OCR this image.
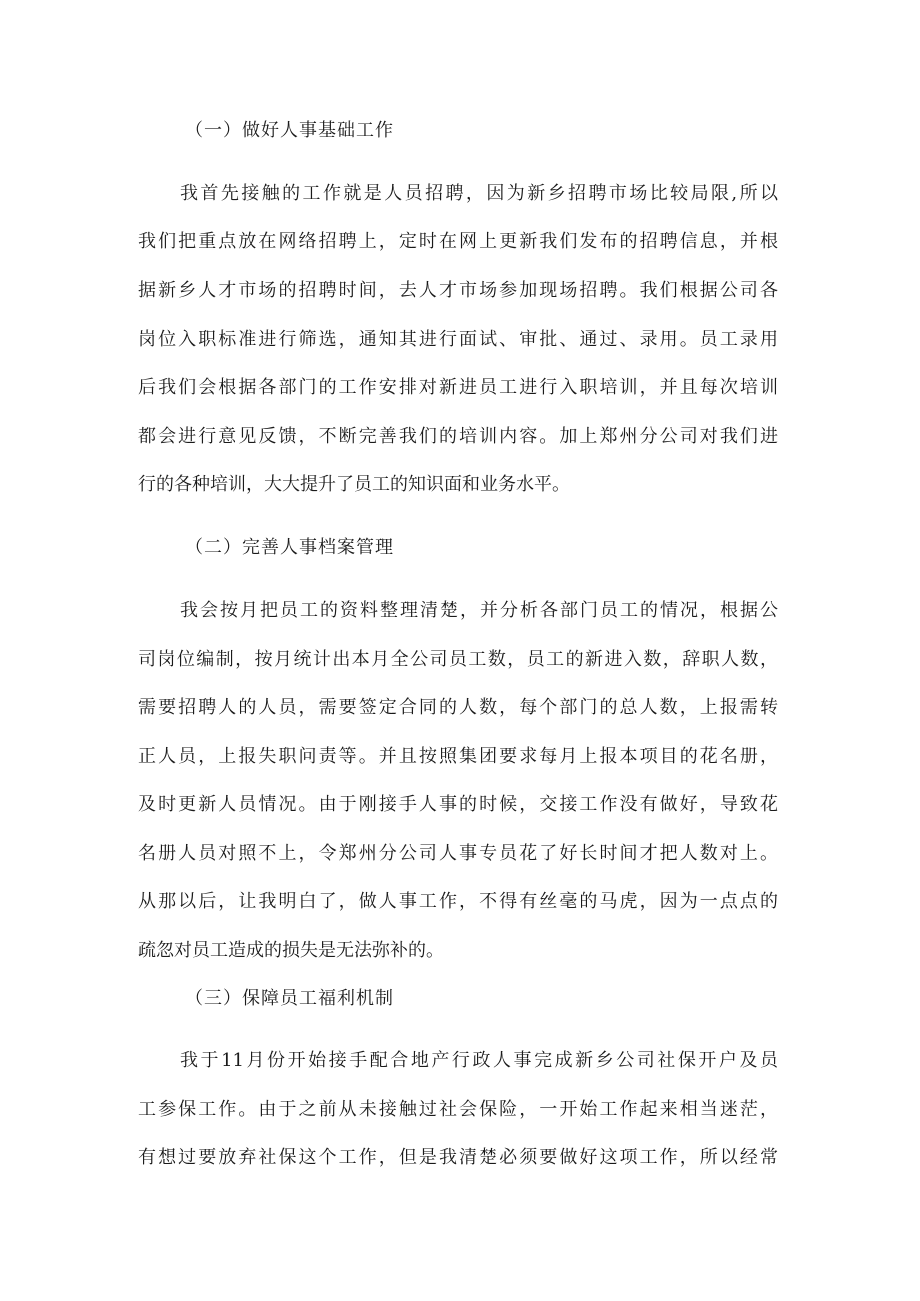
（一）做好人事基础工作
我首先接触的工作就是人员招聘，因为新乡招聘市场比较局限,所以
我们把重点放在网络招聘上，定时在网上更新我们发布的招聘信息，并根
据新乡人才市场的招聘时间，去人才市场参加现场招聘。我们根据公司各
岗位入职标准进行筛选，通知其进行面试、审批、通过、录用。员工录用
后我们会根据各部门的工作安排对新进员工进行入职培训，并且每次培训
都会进行意见反馈，不断完善我们的培训内容。加上郑州分公司对我们进
行的各种培训，大大提升了员工的知识面和业务水平。
（二）完善人事档案管理
我会按月把员工的资料整理清楚，并分析各部门员工的情况，根据公
司岗位编制，按月统计出本月全公司员工数，员工的新进入数，辞职人数，
需要招聘人的人员，需要签定合同的人数，每个部门的总人数，上报需转
正人员，上报失职问责等。并且按照集团要求每月上报本项目的花名册，
及时更新人员情况。由于刚接手人事的时候，交接工作没有做好，导致花
名册人员对照不上，令郑州分公司人事专员花了好长时间才把人数对上。
从那以后，让我明白了，做人事工作，不得有丝毫的马虎，因为一点点的
疏忽对员工造成的损失是无法弥补的。
（三）保障员工福利机制
我于11月份开始接手配合地产行政人事完成新乡公司社保开户及员
工参保工作。由于之前从未接触过社会保险，一开始工作起来相当迷茫，
有想过要放弃社保这个工作，但是我清楚必须要做好这项工作，所以经常
